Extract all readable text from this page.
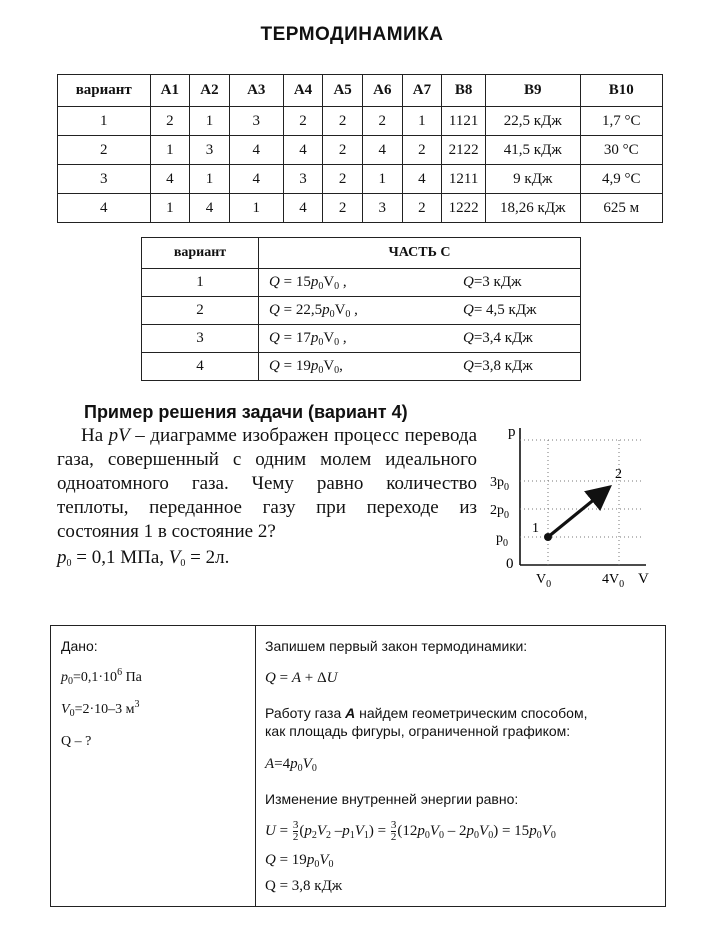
ТЕРМОДИНАМИКА
вариант	A1	A2	A3	A4	A5	A6	A7	B8	B9	B10
1	2	1	3	2	2	2	1	1121	22,5 кДж	1,7 °С
2	1	3	4	4	2	4	2	2122	41,5 кДж	30 °С
3	4	1	4	3	2	1	4	1211	9 кДж	4,9 °С
4	1	4	1	4	2	3	2	1222	18,26 кДж	625 м
вариант	ЧАСТЬ С	
1	$Q = 15p_0V_0$ ,	Q=3 кДж
2	$Q = 22,5p_0V_0$ ,	Q= 4,5 кДж
3	$Q = 17p_0V_0$ ,	Q=3,4 кДж
4	$Q = 19p_0V_0$,	Q=3,8 кДж
Пример решения задачи (вариант 4)
На pV – диаграмме изображен процесс перевода газа, совершенный с одним молем идеального одноатомного газа. Чему равно количество теплоты, переданное газу при переходе из состояния 1 в состояние 2?
$p_0 = 0,1$ МПа, $V_0 = 2л$.
p
V
0
$3p_0$
$2p_0$
$p_0$
$V_0$	$4V_0$
1
2
Дано:
$p_0=0,1\cdot 10^6$ Па
$V_0=2\cdot 10-3$ $м^3$
Q – ?
Запишем первый закон термодинамики:
Q = A + ΔU
Работу газа A найдем геометрическим способом,
как площадь фигуры, ограниченной графиком:
$A=4p_0V_0$
Изменение внутренней энергии равно:
$U = \frac{3}{2} (p_2V_2$ $-p_1V_1) = \frac{3}{2} (12p_0V_0 - 2p_0V_0) = 15p_0V_0$
$Q = 19p_0V_0$
Q = 3,8 кДж
